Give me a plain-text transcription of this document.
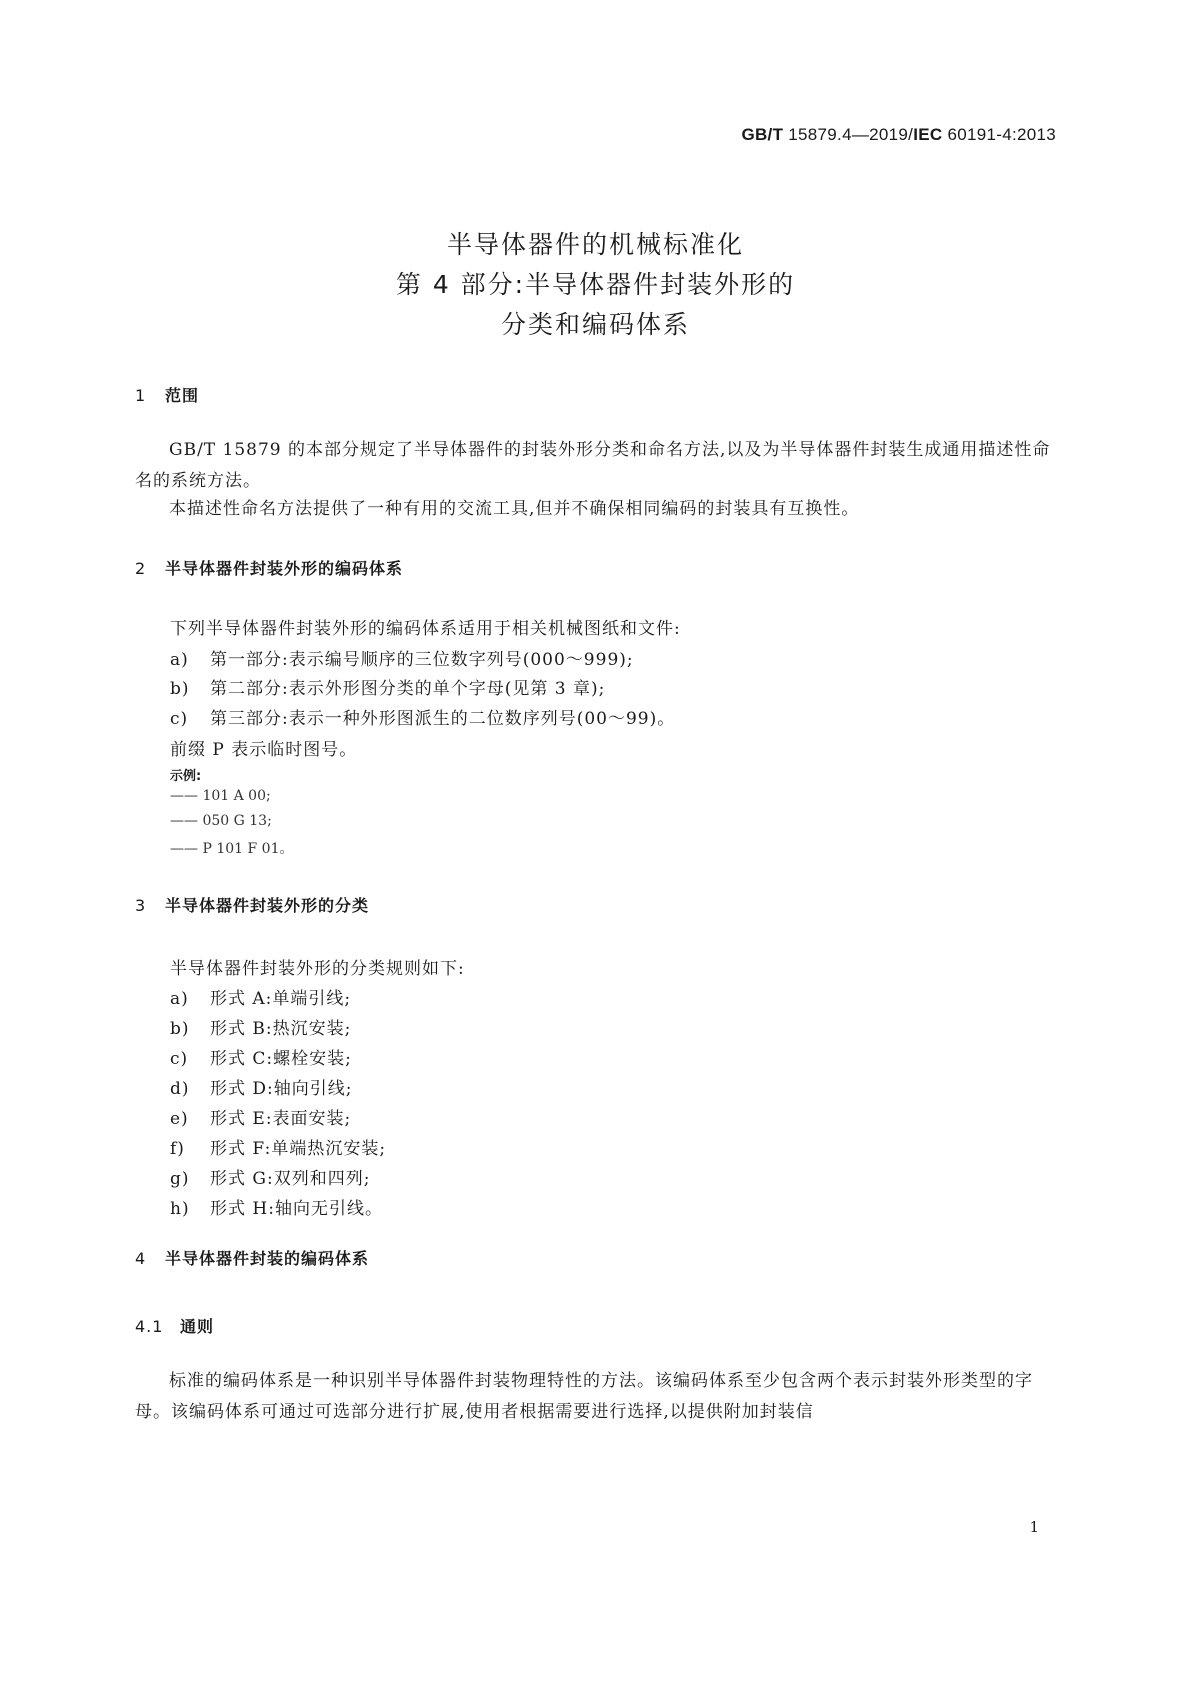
GB/T 15879.4—2019/IEC 60191-4:2013
半导体器件的机械标准化
第 4 部分:半导体器件封装外形的
分类和编码体系
1 范围
GB/T 15879 的本部分规定了半导体器件的封装外形分类和命名方法,以及为半导体器件封装生成通用描述性命名的系统方法。
本描述性命名方法提供了一种有用的交流工具,但并不确保相同编码的封装具有互换性。
2 半导体器件封装外形的编码体系
下列半导体器件封装外形的编码体系适用于相关机械图纸和文件:
a) 第一部分:表示编号顺序的三位数字列号(000～999);
b) 第二部分:表示外形图分类的单个字母(见第 3 章);
c) 第三部分:表示一种外形图派生的二位数序列号(00～99)。
前缀 P 表示临时图号。
示例:
—— 101 A 00;
—— 050 G 13;
—— P 101 F 01。
3 半导体器件封装外形的分类
半导体器件封装外形的分类规则如下:
a) 形式 A:单端引线;
b) 形式 B:热沉安装;
c) 形式 C:螺栓安装;
d) 形式 D:轴向引线;
e) 形式 E:表面安装;
f) 形式 F:单端热沉安装;
g) 形式 G:双列和四列;
h) 形式 H:轴向无引线。
4 半导体器件封装的编码体系
4.1 通则
标准的编码体系是一种识别半导体器件封装物理特性的方法。该编码体系至少包含两个表示封装外形类型的字母。该编码体系可通过可选部分进行扩展,使用者根据需要进行选择,以提供附加封装信
1
